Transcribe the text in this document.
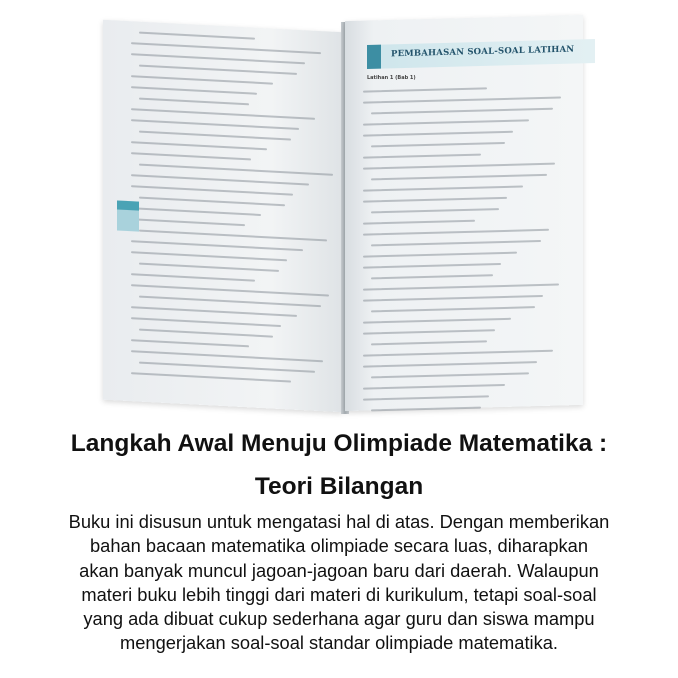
PEMBAHASAN SOAL-SOAL LATIHAN
Latihan 1 (Bab 1)
Langkah Awal Menuju Olimpiade Matematika :
Teori Bilangan
Buku ini disusun untuk mengatasi hal di atas. Dengan memberikan
bahan bacaan matematika olimpiade secara luas, diharapkan
akan banyak muncul jagoan-jagoan baru dari daerah. Walaupun
materi buku lebih tinggi dari materi di kurikulum, tetapi soal-soal
yang ada dibuat cukup sederhana agar guru dan siswa mampu
mengerjakan soal-soal standar olimpiade matematika.
